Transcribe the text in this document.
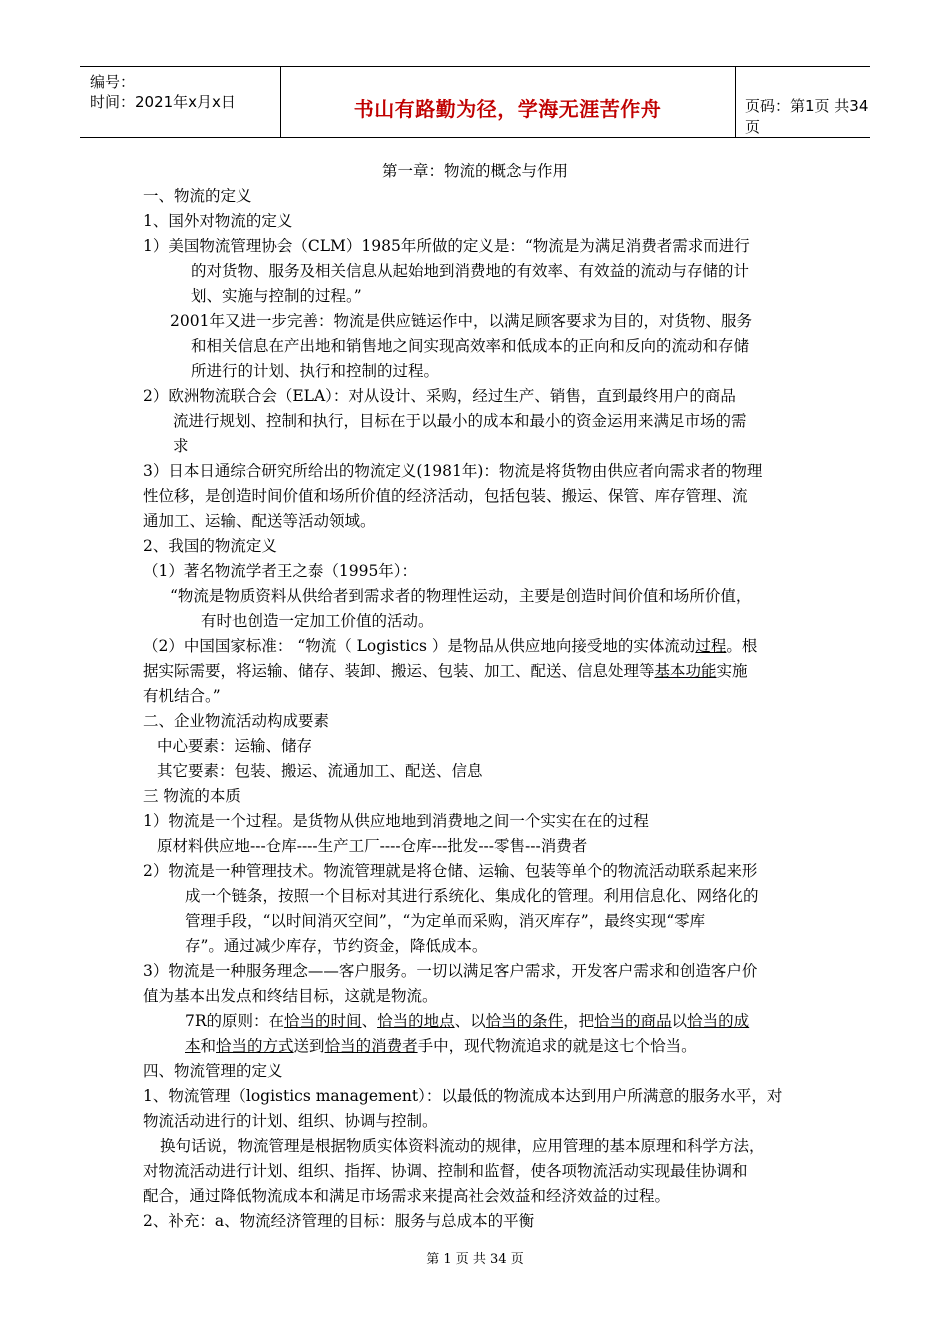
编号：
时间：2021年x月x日	书山有路勤为径，学海无涯苦作舟	页码：第1页 共34页
第一章：物流的概念与作用
一、物流的定义
1、国外对物流的定义
1）美国物流管理协会（CLM）1985年所做的定义是：“物流是为满足消费者需求而进行
的对货物、服务及相关信息从起始地到消费地的有效率、有效益的流动与存储的计
划、实施与控制的过程。”
2001年又进一步完善：物流是供应链运作中，以满足顾客要求为目的，对货物、服务
和相关信息在产出地和销售地之间实现高效率和低成本的正向和反向的流动和存储
所进行的计划、执行和控制的过程。
2）欧洲物流联合会（ELA）：对从设计、采购，经过生产、销售，直到最终用户的商品
流进行规划、控制和执行，目标在于以最小的成本和最小的资金运用来满足市场的需
求
3）日本日通综合研究所给出的物流定义(1981年)：物流是将货物由供应者向需求者的物理
性位移，是创造时间价值和场所价值的经济活动，包括包装、搬运、保管、库存管理、流
通加工、运输、配送等活动领域。
2、我国的物流定义
（1）著名物流学者王之泰（1995年）：
“物流是物质资料从供给者到需求者的物理性运动，主要是创造时间价值和场所价值，
有时也创造一定加工价值的活动。
（2）中国国家标准： “物流（ Logistics ）是物品从供应地向接受地的实体流动过程。根
据实际需要，将运输、储存、装卸、搬运、包装、加工、配送、信息处理等基本功能实施
有机结合。”
二、企业物流活动构成要素
中心要素：运输、储存
其它要素：包装、搬运、流通加工、配送、信息
三 物流的本质
1）物流是一个过程。是货物从供应地地到消费地之间一个实实在在的过程
原材料供应地---仓库----生产工厂----仓库---批发---零售---消费者
2）物流是一种管理技术。物流管理就是将仓储、运输、包装等单个的物流活动联系起来形
成一个链条，按照一个目标对其进行系统化、集成化的管理。利用信息化、网络化的
管理手段，“以时间消灭空间”，“为定单而采购，消灭库存”，最终实现“零库
存”。通过减少库存，节约资金，降低成本。
3）物流是一种服务理念——客户服务。一切以满足客户需求，开发客户需求和创造客户价
值为基本出发点和终结目标，这就是物流。
7R的原则：在恰当的时间、恰当的地点、以恰当的条件，把恰当的商品以恰当的成
本和恰当的方式送到恰当的消费者手中，现代物流追求的就是这七个恰当。
四、物流管理的定义
1、物流管理（logistics management）：以最低的物流成本达到用户所满意的服务水平，对
物流活动进行的计划、组织、协调与控制。
换句话说，物流管理是根据物质实体资料流动的规律，应用管理的基本原理和科学方法，
对物流活动进行计划、组织、指挥、协调、控制和监督，使各项物流活动实现最佳协调和
配合，通过降低物流成本和满足市场需求来提高社会效益和经济效益的过程。
2、补充：a、物流经济管理的目标：服务与总成本的平衡
第 1 页 共 34 页
